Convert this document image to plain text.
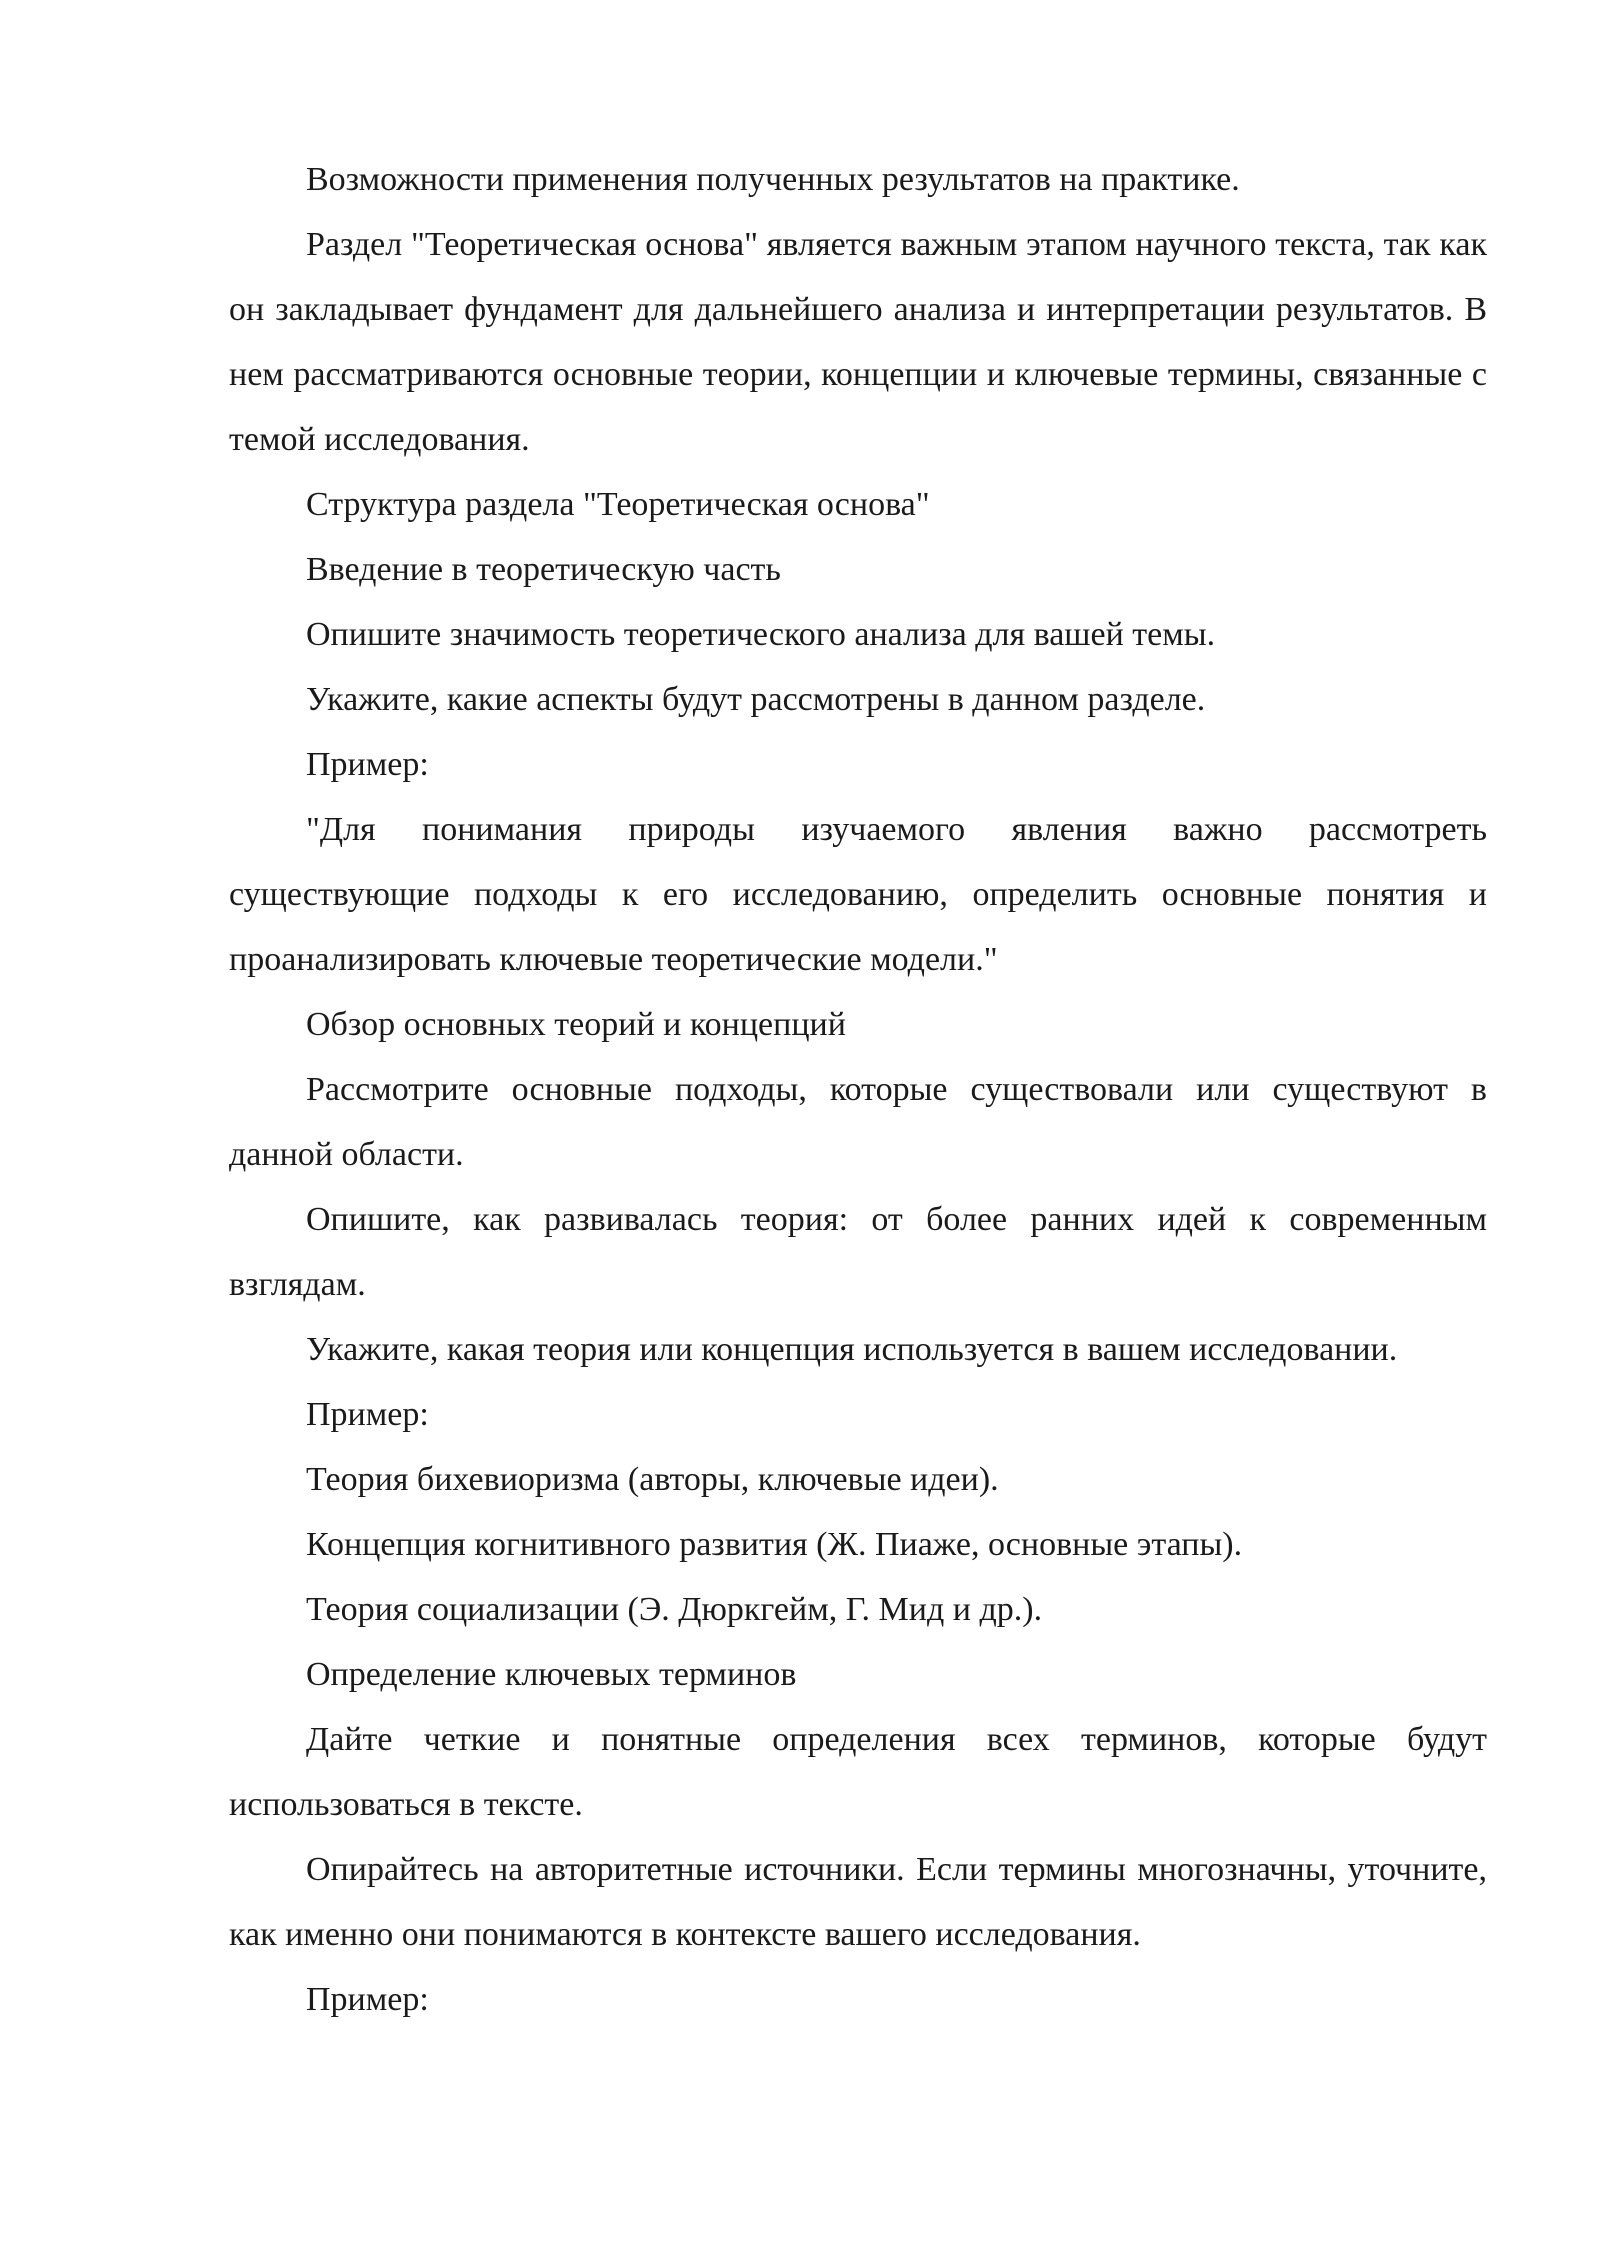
Возможности применения полученных результатов на практике.

Раздел "Теоретическая основа" является важным этапом научного текста, так как он закладывает фундамент для дальнейшего анализа и интерпретации результатов. В нем рассматриваются основные теории, концепции и ключевые термины, связанные с темой исследования.

Структура раздела "Теоретическая основа"

Введение в теоретическую часть

Опишите значимость теоретического анализа для вашей темы.

Укажите, какие аспекты будут рассмотрены в данном разделе.

Пример:

"Для понимания природы изучаемого явления важно рассмотреть существующие подходы к его исследованию, определить основные понятия и проанализировать ключевые теоретические модели."

Обзор основных теорий и концепций

Рассмотрите основные подходы, которые существовали или существуют в данной области.

Опишите, как развивалась теория: от более ранних идей к современным взглядам.

Укажите, какая теория или концепция используется в вашем исследовании.

Пример:

Теория бихевиоризма (авторы, ключевые идеи).

Концепция когнитивного развития (Ж. Пиаже, основные этапы).

Теория социализации (Э. Дюркгейм, Г. Мид и др.).

Определение ключевых терминов

Дайте четкие и понятные определения всех терминов, которые будут использоваться в тексте.

Опирайтесь на авторитетные источники. Если термины многозначны, уточните, как именно они понимаются в контексте вашего исследования.

Пример:
